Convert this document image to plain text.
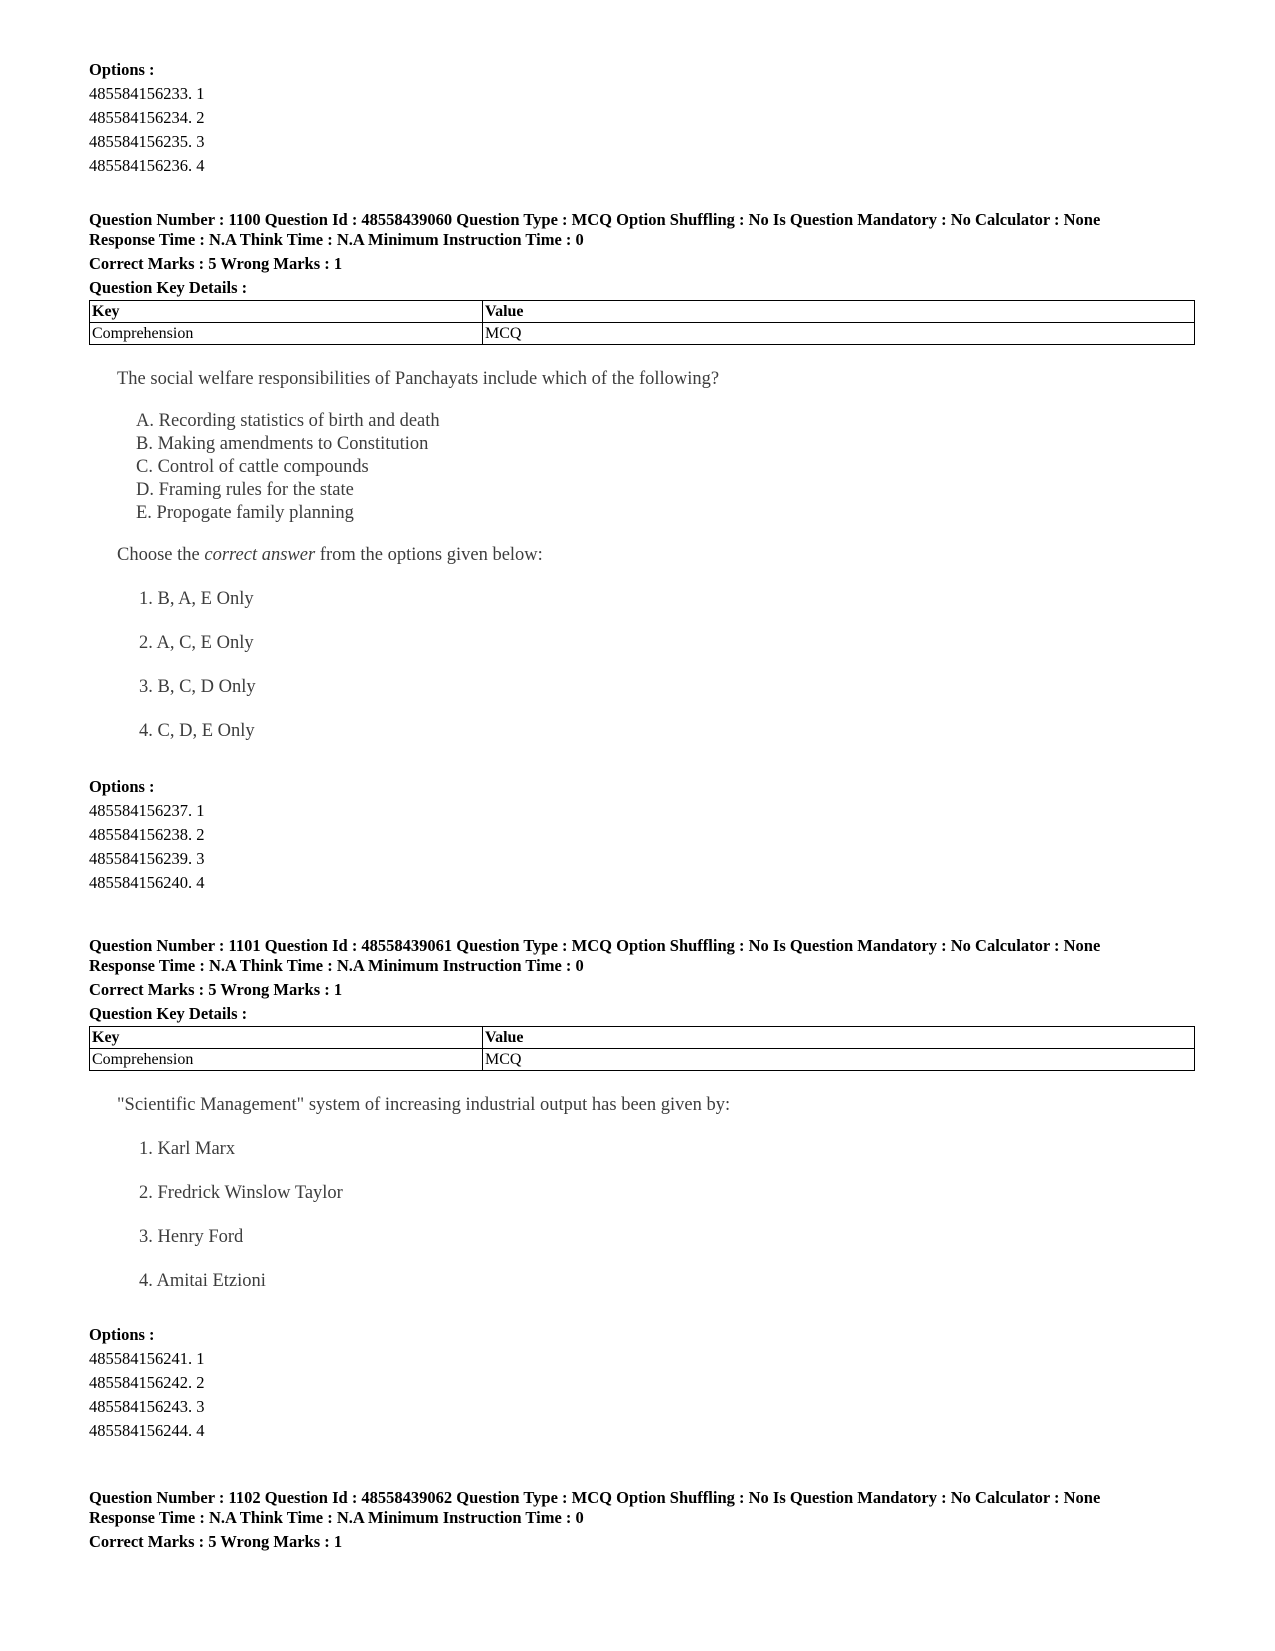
Options :
485584156233. 1
485584156234. 2
485584156235. 3
485584156236. 4
Question Number : 1100 Question Id : 48558439060 Question Type : MCQ Option Shuffling : No Is Question Mandatory : No Calculator : None
Response Time : N.A Think Time : N.A Minimum Instruction Time : 0
Correct Marks : 5 Wrong Marks : 1
Question Key Details :
Key	Value
Comprehension	MCQ
The social welfare responsibilities of Panchayats include which of the following?
A. Recording statistics of birth and death
B. Making amendments to Constitution
C. Control of cattle compounds
D. Framing rules for the state
E. Propogate family planning
Choose the correct answer from the options given below:
1. B, A, E Only
2. A, C, E Only
3. B, C, D Only
4. C, D, E Only
Options :
485584156237. 1
485584156238. 2
485584156239. 3
485584156240. 4
Question Number : 1101 Question Id : 48558439061 Question Type : MCQ Option Shuffling : No Is Question Mandatory : No Calculator : None
Response Time : N.A Think Time : N.A Minimum Instruction Time : 0
Correct Marks : 5 Wrong Marks : 1
Question Key Details :
Key	Value
Comprehension	MCQ
"Scientific Management" system of increasing industrial output has been given by:
1. Karl Marx
2. Fredrick Winslow Taylor
3. Henry Ford
4. Amitai Etzioni
Options :
485584156241. 1
485584156242. 2
485584156243. 3
485584156244. 4
Question Number : 1102 Question Id : 48558439062 Question Type : MCQ Option Shuffling : No Is Question Mandatory : No Calculator : None
Response Time : N.A Think Time : N.A Minimum Instruction Time : 0
Correct Marks : 5 Wrong Marks : 1
